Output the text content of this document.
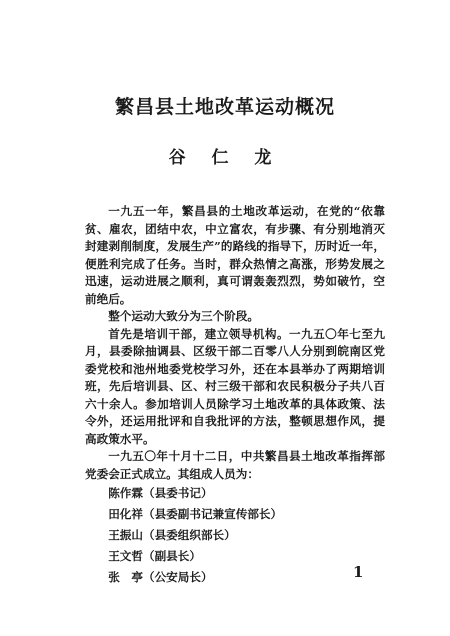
繁昌县土地改革运动概况
谷 仁 龙

一九五一年，繁昌县的土地改革运动，在党的“依靠贫、雇农，团结中农，中立富农，有步骤、有分别地消灭封建剥削制度，发展生产”的路线的指导下，历时近一年，便胜利完成了任务。当时，群众热情之高涨，形势发展之迅速，运动进展之顺利，真可谓轰轰烈烈，势如破竹，空前绝后。

整个运动大致分为三个阶段。

首先是培训干部，建立领导机构。一九五〇年七至九月，县委除抽调县、区级干部二百零八人分别到皖南区党委党校和池州地委党校学习外，还在本县举办了两期培训班，先后培训县、区、村三级干部和农民积极分子共八百六十余人。参加培训人员除学习土地改革的具体政策、法令外，还运用批评和自我批评的方法，整顿思想作风，提高政策水平。

一九五〇年十月十二日，中共繁昌县土地改革指挥部党委会正式成立。其组成人员为：

陈作霖（县委书记）
田化祥（县委副书记兼宣传部长）
王振山（县委组织部长）
王文哲（副县长）
张　亭（公安局长）	1
